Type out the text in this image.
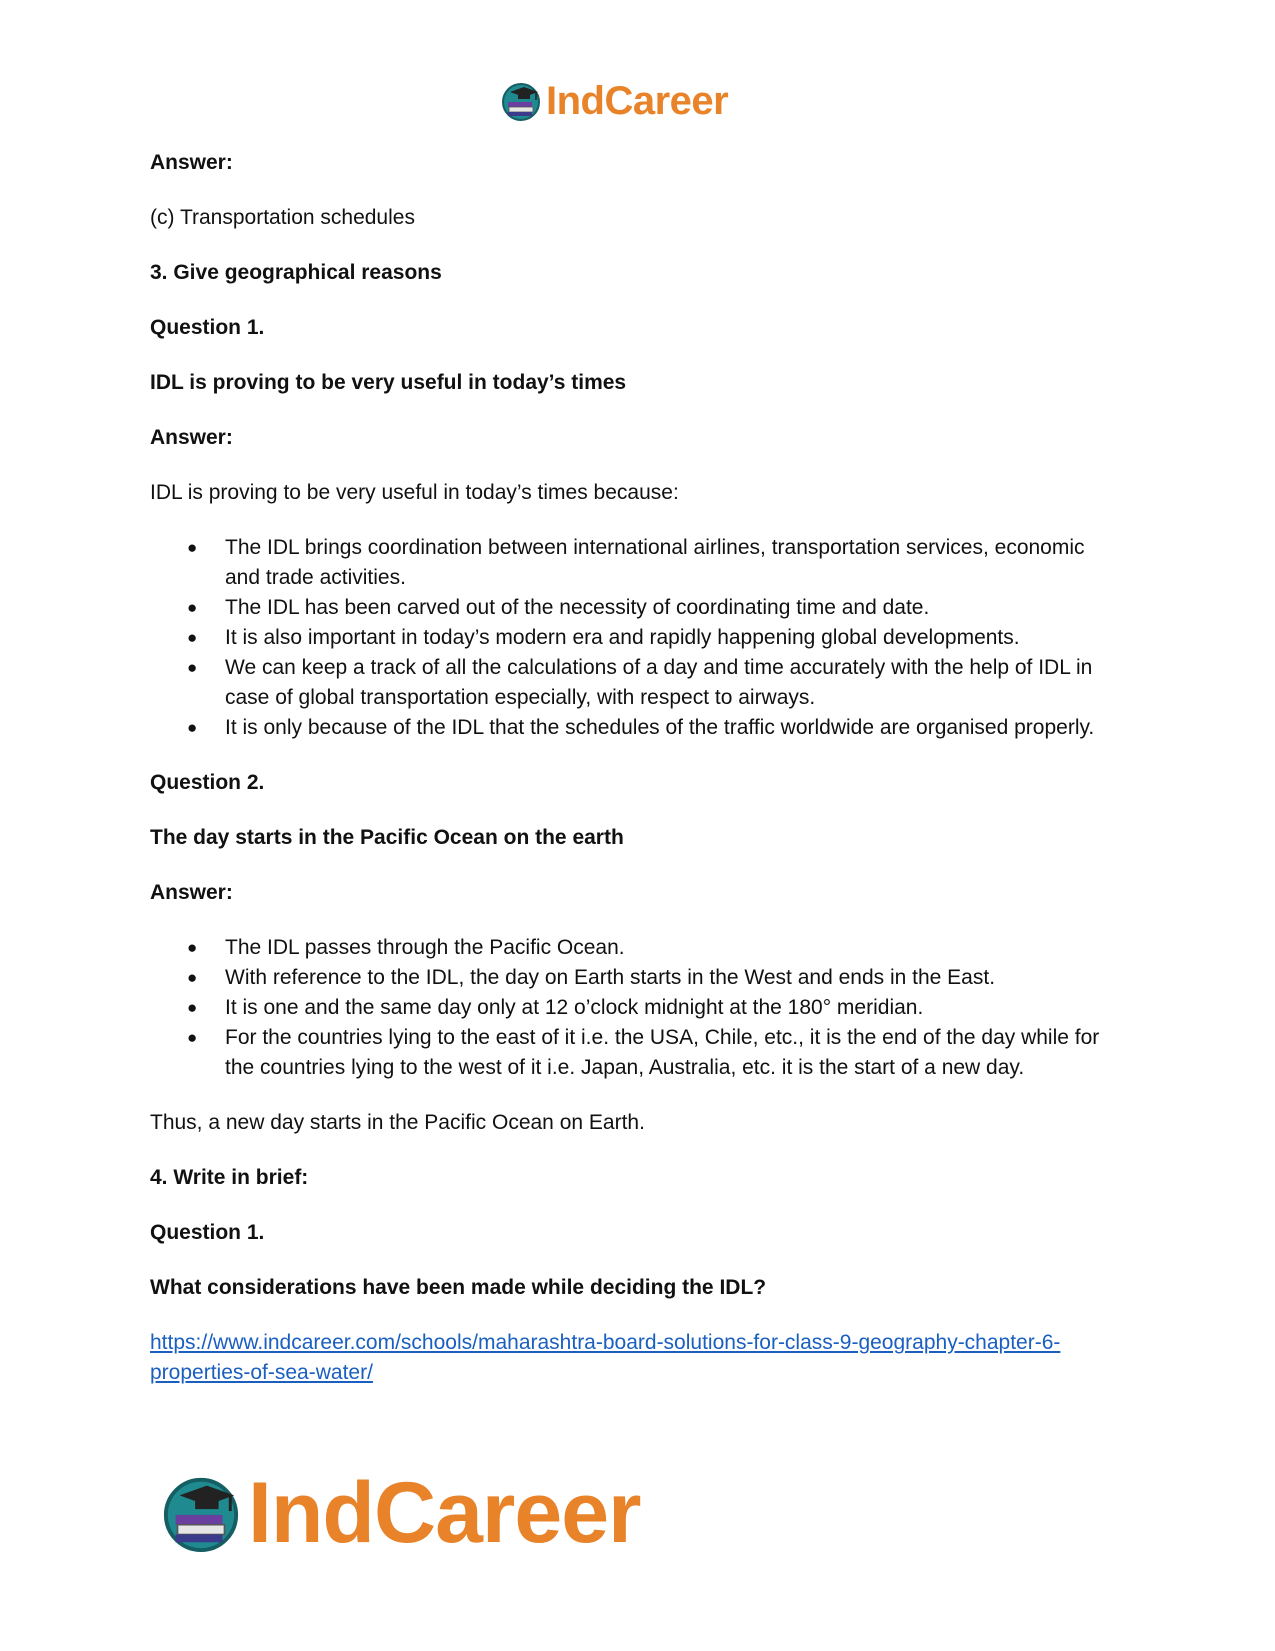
IndCareer

Answer:

(c) Transportation schedules

3. Give geographical reasons

Question 1.

IDL is proving to be very useful in today’s times

Answer:

IDL is proving to be very useful in today’s times because:

● The IDL brings coordination between international airlines, transportation services, economic and trade activities.
● The IDL has been carved out of the necessity of coordinating time and date.
● It is also important in today’s modern era and rapidly happening global developments.
● We can keep a track of all the calculations of a day and time accurately with the help of IDL in case of global transportation especially, with respect to airways.
● It is only because of the IDL that the schedules of the traffic worldwide are organised properly.

Question 2.

The day starts in the Pacific Ocean on the earth

Answer:

● The IDL passes through the Pacific Ocean.
● With reference to the IDL, the day on Earth starts in the West and ends in the East.
● It is one and the same day only at 12 o’clock midnight at the 180° meridian.
● For the countries lying to the east of it i.e. the USA, Chile, etc., it is the end of the day while for the countries lying to the west of it i.e. Japan, Australia, etc. it is the start of a new day.

Thus, a new day starts in the Pacific Ocean on Earth.

4. Write in brief:

Question 1.

What considerations have been made while deciding the IDL?

https://www.indcareer.com/schools/maharashtra-board-solutions-for-class-9-geography-chapter-6-properties-of-sea-water/

IndCareer
